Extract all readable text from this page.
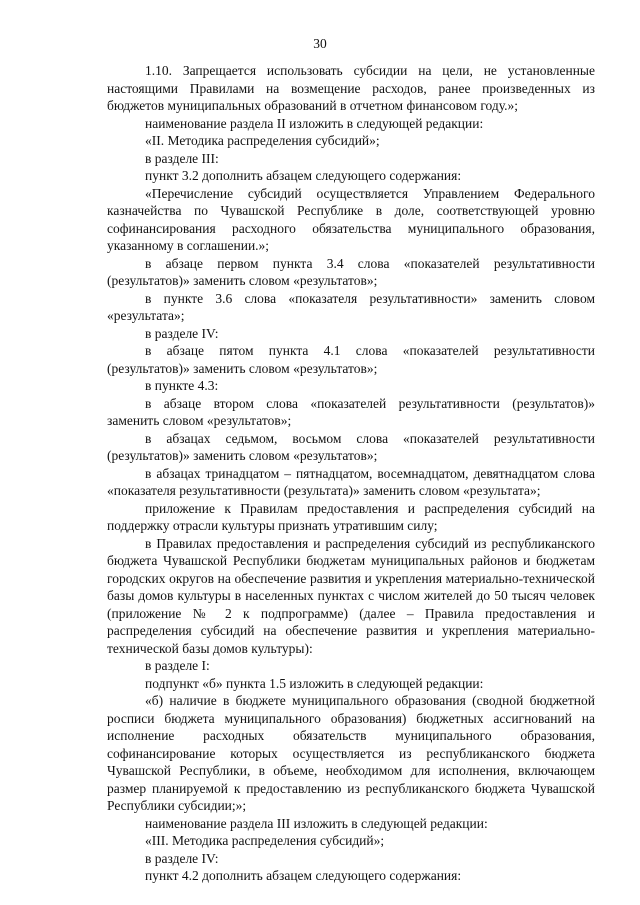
30

1.10. Запрещается использовать субсидии на цели, не установленные настоящими Правилами на возмещение расходов, ранее произведенных из бюджетов муниципальных образований в отчетном финансовом году.»;

наименование раздела II изложить в следующей редакции:

«II. Методика распределения субсидий»;

в разделе III:

пункт 3.2 дополнить абзацем следующего содержания:

«Перечисление субсидий осуществляется Управлением Федерального казначейства по Чувашской Республике в доле, соответствующей уровню софинансирования расходного обязательства муниципального образования, указанному в соглашении.»;

в абзаце первом пункта 3.4 слова «показателей результативности (результатов)» заменить словом «результатов»;

в пункте 3.6 слова «показателя результативности» заменить словом «результата»;

в разделе IV:

в абзаце пятом пункта 4.1 слова «показателей результативности (результатов)» заменить словом «результатов»;

в пункте 4.3:

в абзаце втором слова «показателей результативности (результатов)» заменить словом «результатов»;

в абзацах седьмом, восьмом слова «показателей результативности (результатов)» заменить словом «результатов»;

в абзацах тринадцатом – пятнадцатом, восемнадцатом, девятнадцатом слова «показателя результативности (результата)» заменить словом «результата»;

приложение к Правилам предоставления и распределения субсидий на поддержку отрасли культуры признать утратившим силу;

в Правилах предоставления и распределения субсидий из республиканского бюджета Чувашской Республики бюджетам муниципальных районов и бюджетам городских округов на обеспечение развития и укрепления материально-технической базы домов культуры в населенных пунктах с числом жителей до 50 тысяч человек (приложение № 2 к подпрограмме) (далее – Правила предоставления и распределения субсидий на обеспечение развития и укрепления материально-технической базы домов культуры):

в разделе I:

подпункт «б» пункта 1.5 изложить в следующей редакции:

«б) наличие в бюджете муниципального образования (сводной бюджетной росписи бюджета муниципального образования) бюджетных ассигнований на исполнение расходных обязательств муниципального образования, софинансирование которых осуществляется из республиканского бюджета Чувашской Республики, в объеме, необходимом для исполнения, включающем размер планируемой к предоставлению из республиканского бюджета Чувашской Республики субсидии;»;

наименование раздела III изложить в следующей редакции:

«III. Методика распределения субсидий»;

в разделе IV:

пункт 4.2 дополнить абзацем следующего содержания:
